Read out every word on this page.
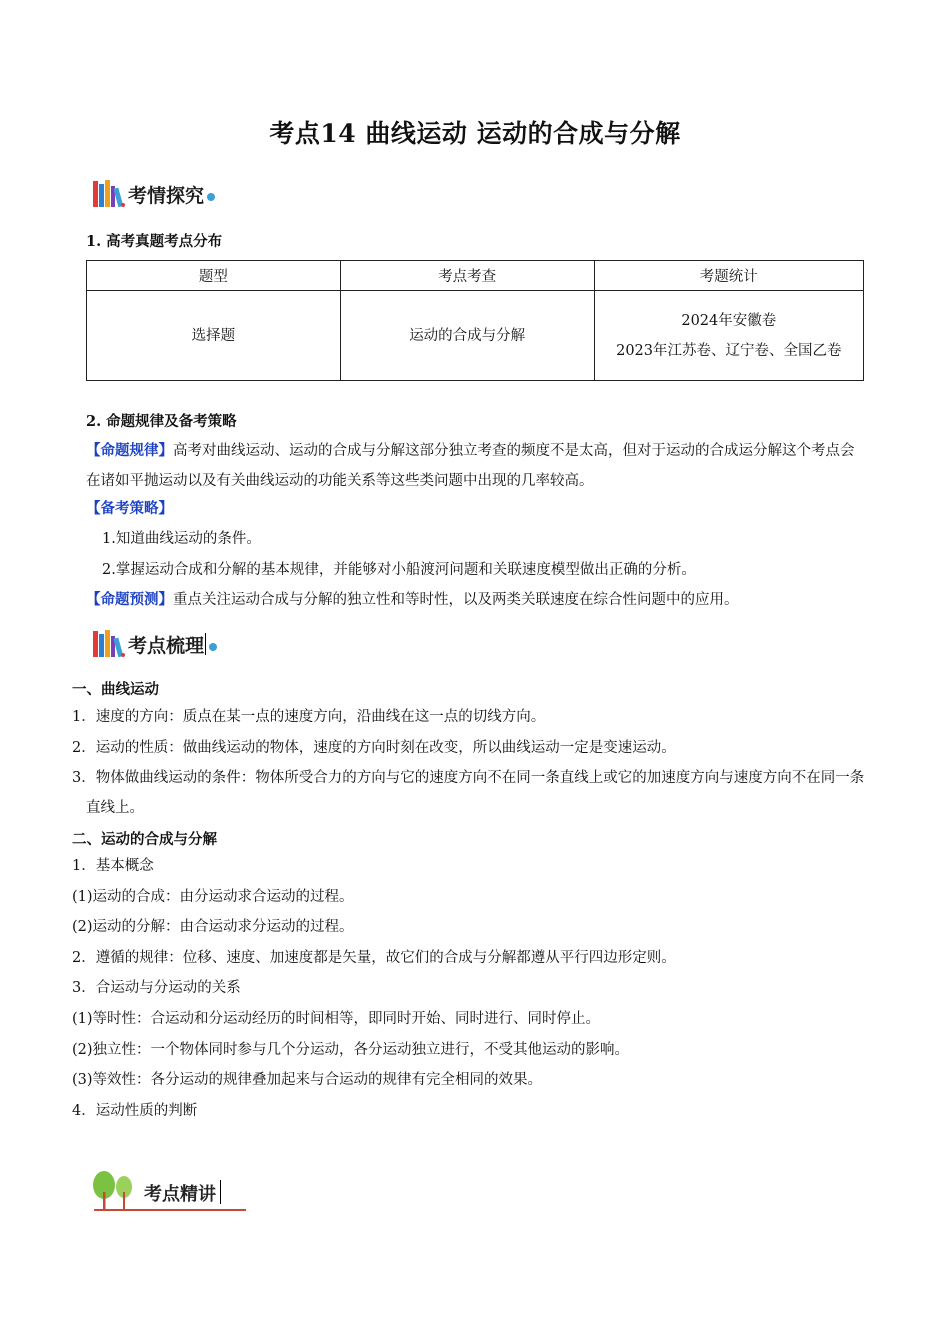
考点14 曲线运动 运动的合成与分解
考情探究
1. 高考真题考点分布
题型	考点考查	考题统计
选择题	运动的合成与分解	2024年安徽卷
2023年江苏卷、辽宁卷、全国乙卷
2. 命题规律及备考策略
【命题规律】高考对曲线运动、运动的合成与分解这部分独立考查的频度不是太高，但对于运动的合成运分解这个考点会在诸如平抛运动以及有关曲线运动的功能关系等这些类问题中出现的几率较高。
【备考策略】
1.知道曲线运动的条件。
2.掌握运动合成和分解的基本规律，并能够对小船渡河问题和关联速度模型做出正确的分析。
【命题预测】重点关注运动合成与分解的独立性和等时性，以及两类关联速度在综合性问题中的应用。
考点梳理
一、曲线运动
1．速度的方向：质点在某一点的速度方向，沿曲线在这一点的切线方向。
2．运动的性质：做曲线运动的物体，速度的方向时刻在改变，所以曲线运动一定是变速运动。
3．物体做曲线运动的条件：物体所受合力的方向与它的速度方向不在同一条直线上或它的加速度方向与速度方向不在同一条直线上。
二、运动的合成与分解
1．基本概念
(1)运动的合成：由分运动求合运动的过程。
(2)运动的分解：由合运动求分运动的过程。
2．遵循的规律：位移、速度、加速度都是矢量，故它们的合成与分解都遵从平行四边形定则。
3．合运动与分运动的关系
(1)等时性：合运动和分运动经历的时间相等，即同时开始、同时进行、同时停止。
(2)独立性：一个物体同时参与几个分运动，各分运动独立进行，不受其他运动的影响。
(3)等效性：各分运动的规律叠加起来与合运动的规律有完全相同的效果。
4．运动性质的判断
考点精讲
